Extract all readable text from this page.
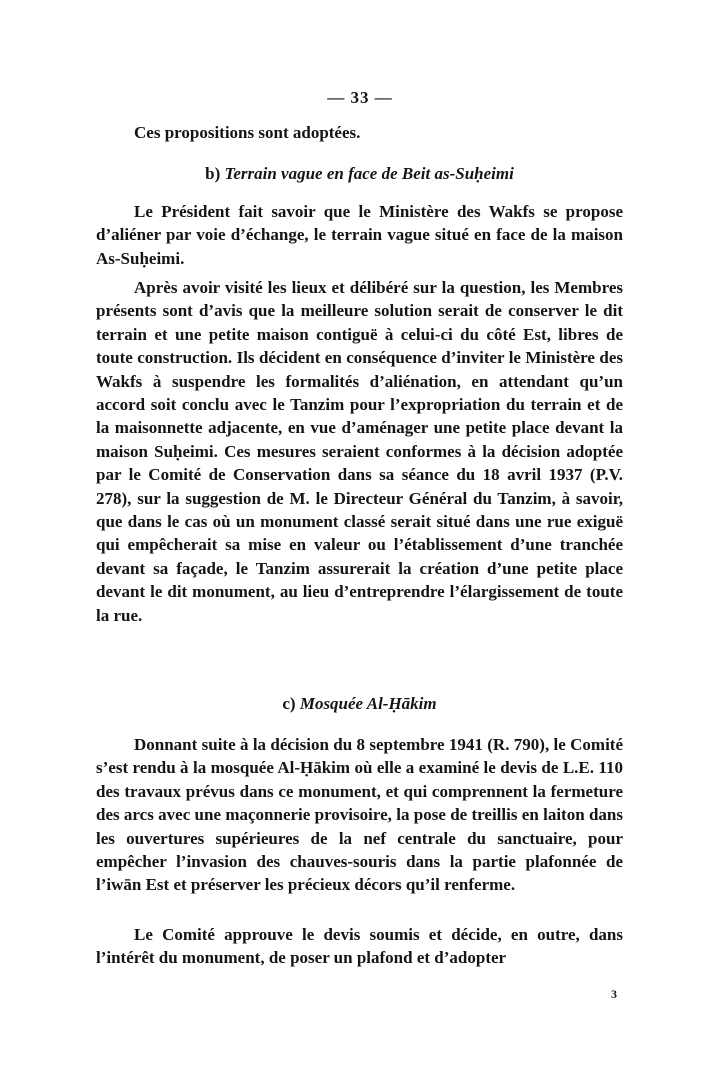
— 33 —

Ces propositions sont adoptées.

b) Terrain vague en face de Beit as-Suḥeimi

Le Président fait savoir que le Ministère des Wakfs se propose d’aliéner par voie d’échange, le terrain vague situé en face de la maison As-Suḥeimi.

Après avoir visité les lieux et délibéré sur la question, les Membres présents sont d’avis que la meilleure solution serait de conserver le dit terrain et une petite maison contiguë à celui-ci du côté Est, libres de toute construction. Ils décident en conséquence d’inviter le Ministère des Wakfs à suspendre les formalités d’aliénation, en attendant qu’un accord soit conclu avec le Tanzim pour l’expropriation du terrain et de la maisonnette adjacente, en vue d’aménager une petite place devant la maison Suḥeimi. Ces mesures seraient conformes à la décision adoptée par le Comité de Conservation dans sa séance du 18 avril 1937 (P.V. 278), sur la suggestion de M. le Directeur Général du Tanzim, à savoir, que dans le cas où un monument classé serait situé dans une rue exiguë qui empêcherait sa mise en valeur ou l’établissement d’une tranchée devant sa façade, le Tanzim assurerait la création d’une petite place devant le dit monument, au lieu d’entreprendre l’élargissement de toute la rue.

c) Mosquée Al-Ḥākim

Donnant suite à la décision du 8 septembre 1941 (R. 790), le Comité s’est rendu à la mosquée Al-Ḥākim où elle a examiné le devis de L.E. 110 des travaux prévus dans ce monument, et qui comprennent la fermeture des arcs avec une maçonnerie provisoire, la pose de treillis en laiton dans les ouvertures supérieures de la nef centrale du sanctuaire, pour empêcher l’invasion des chauves-souris dans la partie plafonnée de l’iwān Est et préserver les précieux décors qu’il renferme.

Le Comité approuve le devis soumis et décide, en outre, dans l’intérêt du monument, de poser un plafond et d’adopter

3
